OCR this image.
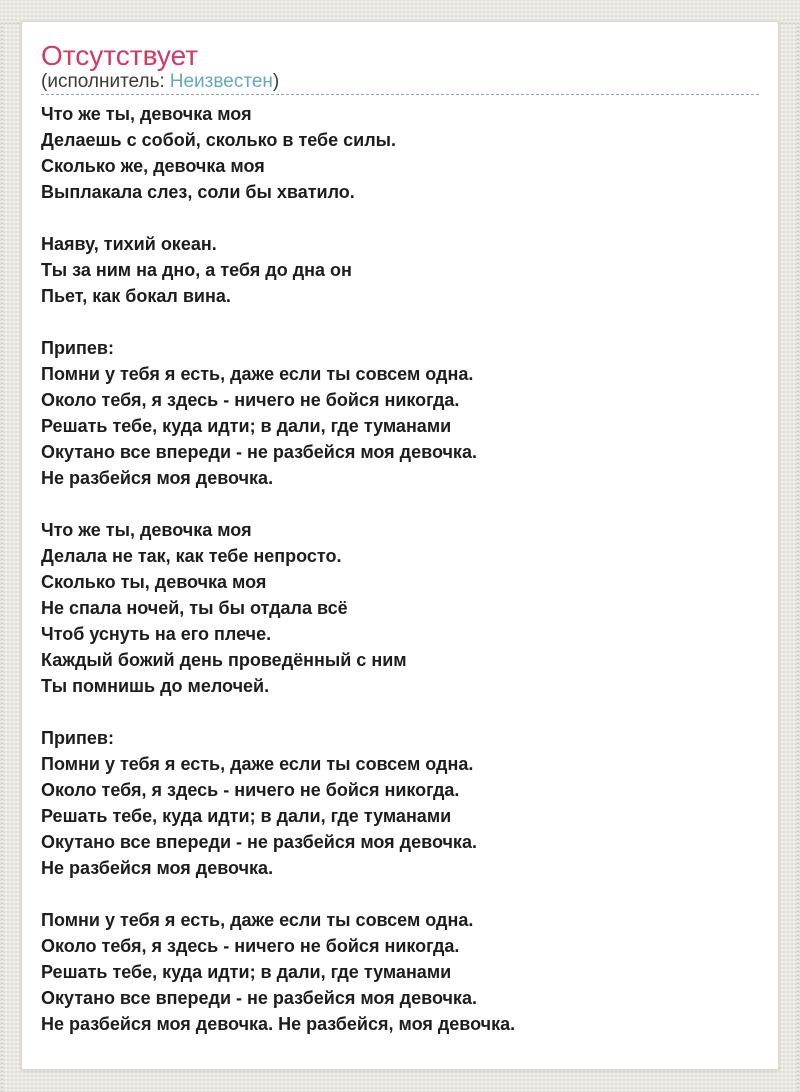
Отсутствует

(исполнитель: Неизвестен)

Что же ты, девочка моя
Делаешь с собой, сколько в тебе силы.
Сколько же, девочка моя
Выплакала слез, соли бы хватило.

Наяву, тихий океан.
Ты за ним на дно, а тебя до дна он
Пьет, как бокал вина.

Припев:
Помни у тебя я есть, даже если ты совсем одна.
Около тебя, я здесь - ничего не бойся никогда.
Решать тебе, куда идти; в дали, где туманами
Окутано все впереди - не разбейся моя девочка.
Не разбейся моя девочка.

Что же ты, девочка моя
Делала не так, как тебе непросто.
Сколько ты, девочка моя
Не спала ночей, ты бы отдала всё
Чтоб уснуть на его плече.
Каждый божий день проведённый с ним
Ты помнишь до мелочей.

Припев:
Помни у тебя я есть, даже если ты совсем одна.
Около тебя, я здесь - ничего не бойся никогда.
Решать тебе, куда идти; в дали, где туманами
Окутано все впереди - не разбейся моя девочка.
Не разбейся моя девочка.

Помни у тебя я есть, даже если ты совсем одна.
Около тебя, я здесь - ничего не бойся никогда.
Решать тебе, куда идти; в дали, где туманами
Окутано все впереди - не разбейся моя девочка.
Не разбейся моя девочка. Не разбейся, моя девочка.
